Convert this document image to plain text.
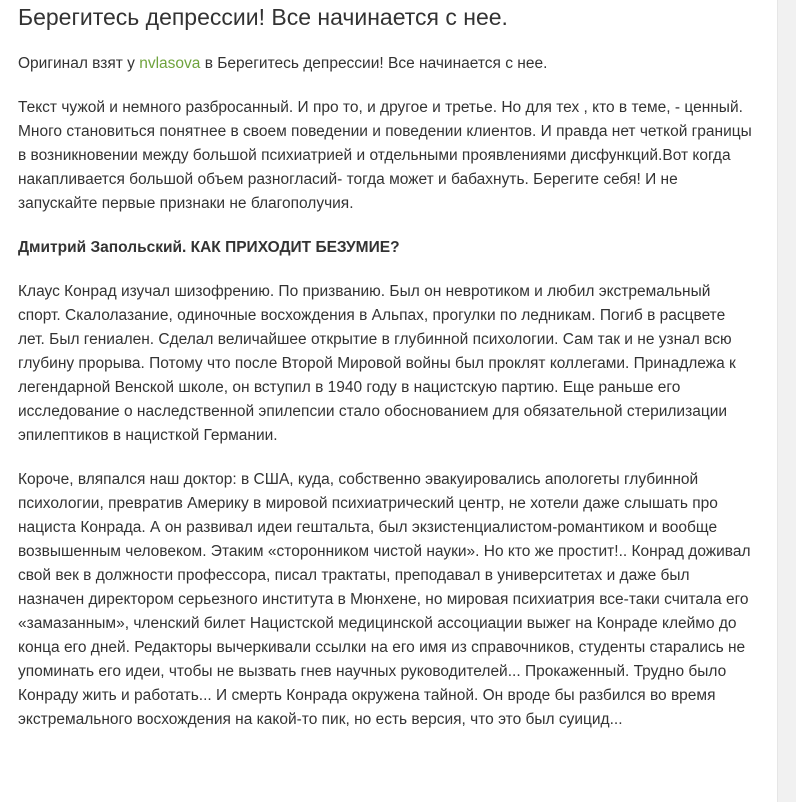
Берегитесь депрессии! Все начинается с нее.
Оригинал взят у nvlasova в Берегитесь депрессии! Все начинается с нее.

Текст чужой и немного разбросанный. И про то, и другое и третье. Но для тех , кто в теме, - ценный. Много становиться понятнее в своем поведении и поведении клиентов. И правда нет четкой границы в возникновении между большой психиатрией и отдельными проявлениями дисфункций.Вот когда накапливается большой объем разногласий- тогда может и бабахнуть. Берегите себя! И не запускайте первые признаки не благополучия.

Дмитрий Запольский. КАК ПРИХОДИТ БЕЗУМИЕ?

Клаус Конрад изучал шизофрению. По призванию. Был он невротиком и любил экстремальный спорт. Скалолазание, одиночные восхождения в Альпах, прогулки по ледникам. Погиб в расцвете лет. Был гениален. Сделал величайшее открытие в глубинной психологии. Сам так и не узнал всю глубину прорыва. Потому что после Второй Мировой войны был проклят коллегами. Принадлежа к легендарной Венской школе, он вступил в 1940 году в нацистскую партию. Еще раньше его исследование о наследственной эпилепсии стало обоснованием для обязательной стерилизации эпилептиков в нацисткой Германии.

Короче, вляпался наш доктор: в США, куда, собственно эвакуировались апологеты глубинной психологии, превратив Америку в мировой психиатрический центр, не хотели даже слышать про нациста Конрада. А он развивал идеи гештальта, был экзистенциалистом-романтиком и вообще возвышенным человеком. Этаким «сторонником чистой науки». Но кто же простит!.. Конрад доживал свой век в должности профессора, писал трактаты, преподавал в университетах и даже был назначен директором серьезного института в Мюнхене, но мировая психиатрия все-таки считала его «замазанным», членский билет Нацистской медицинской ассоциации выжег на Конраде клеймо до конца его дней. Редакторы вычеркивали ссылки на его имя из справочников, студенты старались не упоминать его идеи, чтобы не вызвать гнев научных руководителей... Прокаженный. Трудно было Конраду жить и работать... И смерть Конрада окружена тайной. Он вроде бы разбился во время экстремального восхождения на какой-то пик, но есть версия, что это был суицид...
